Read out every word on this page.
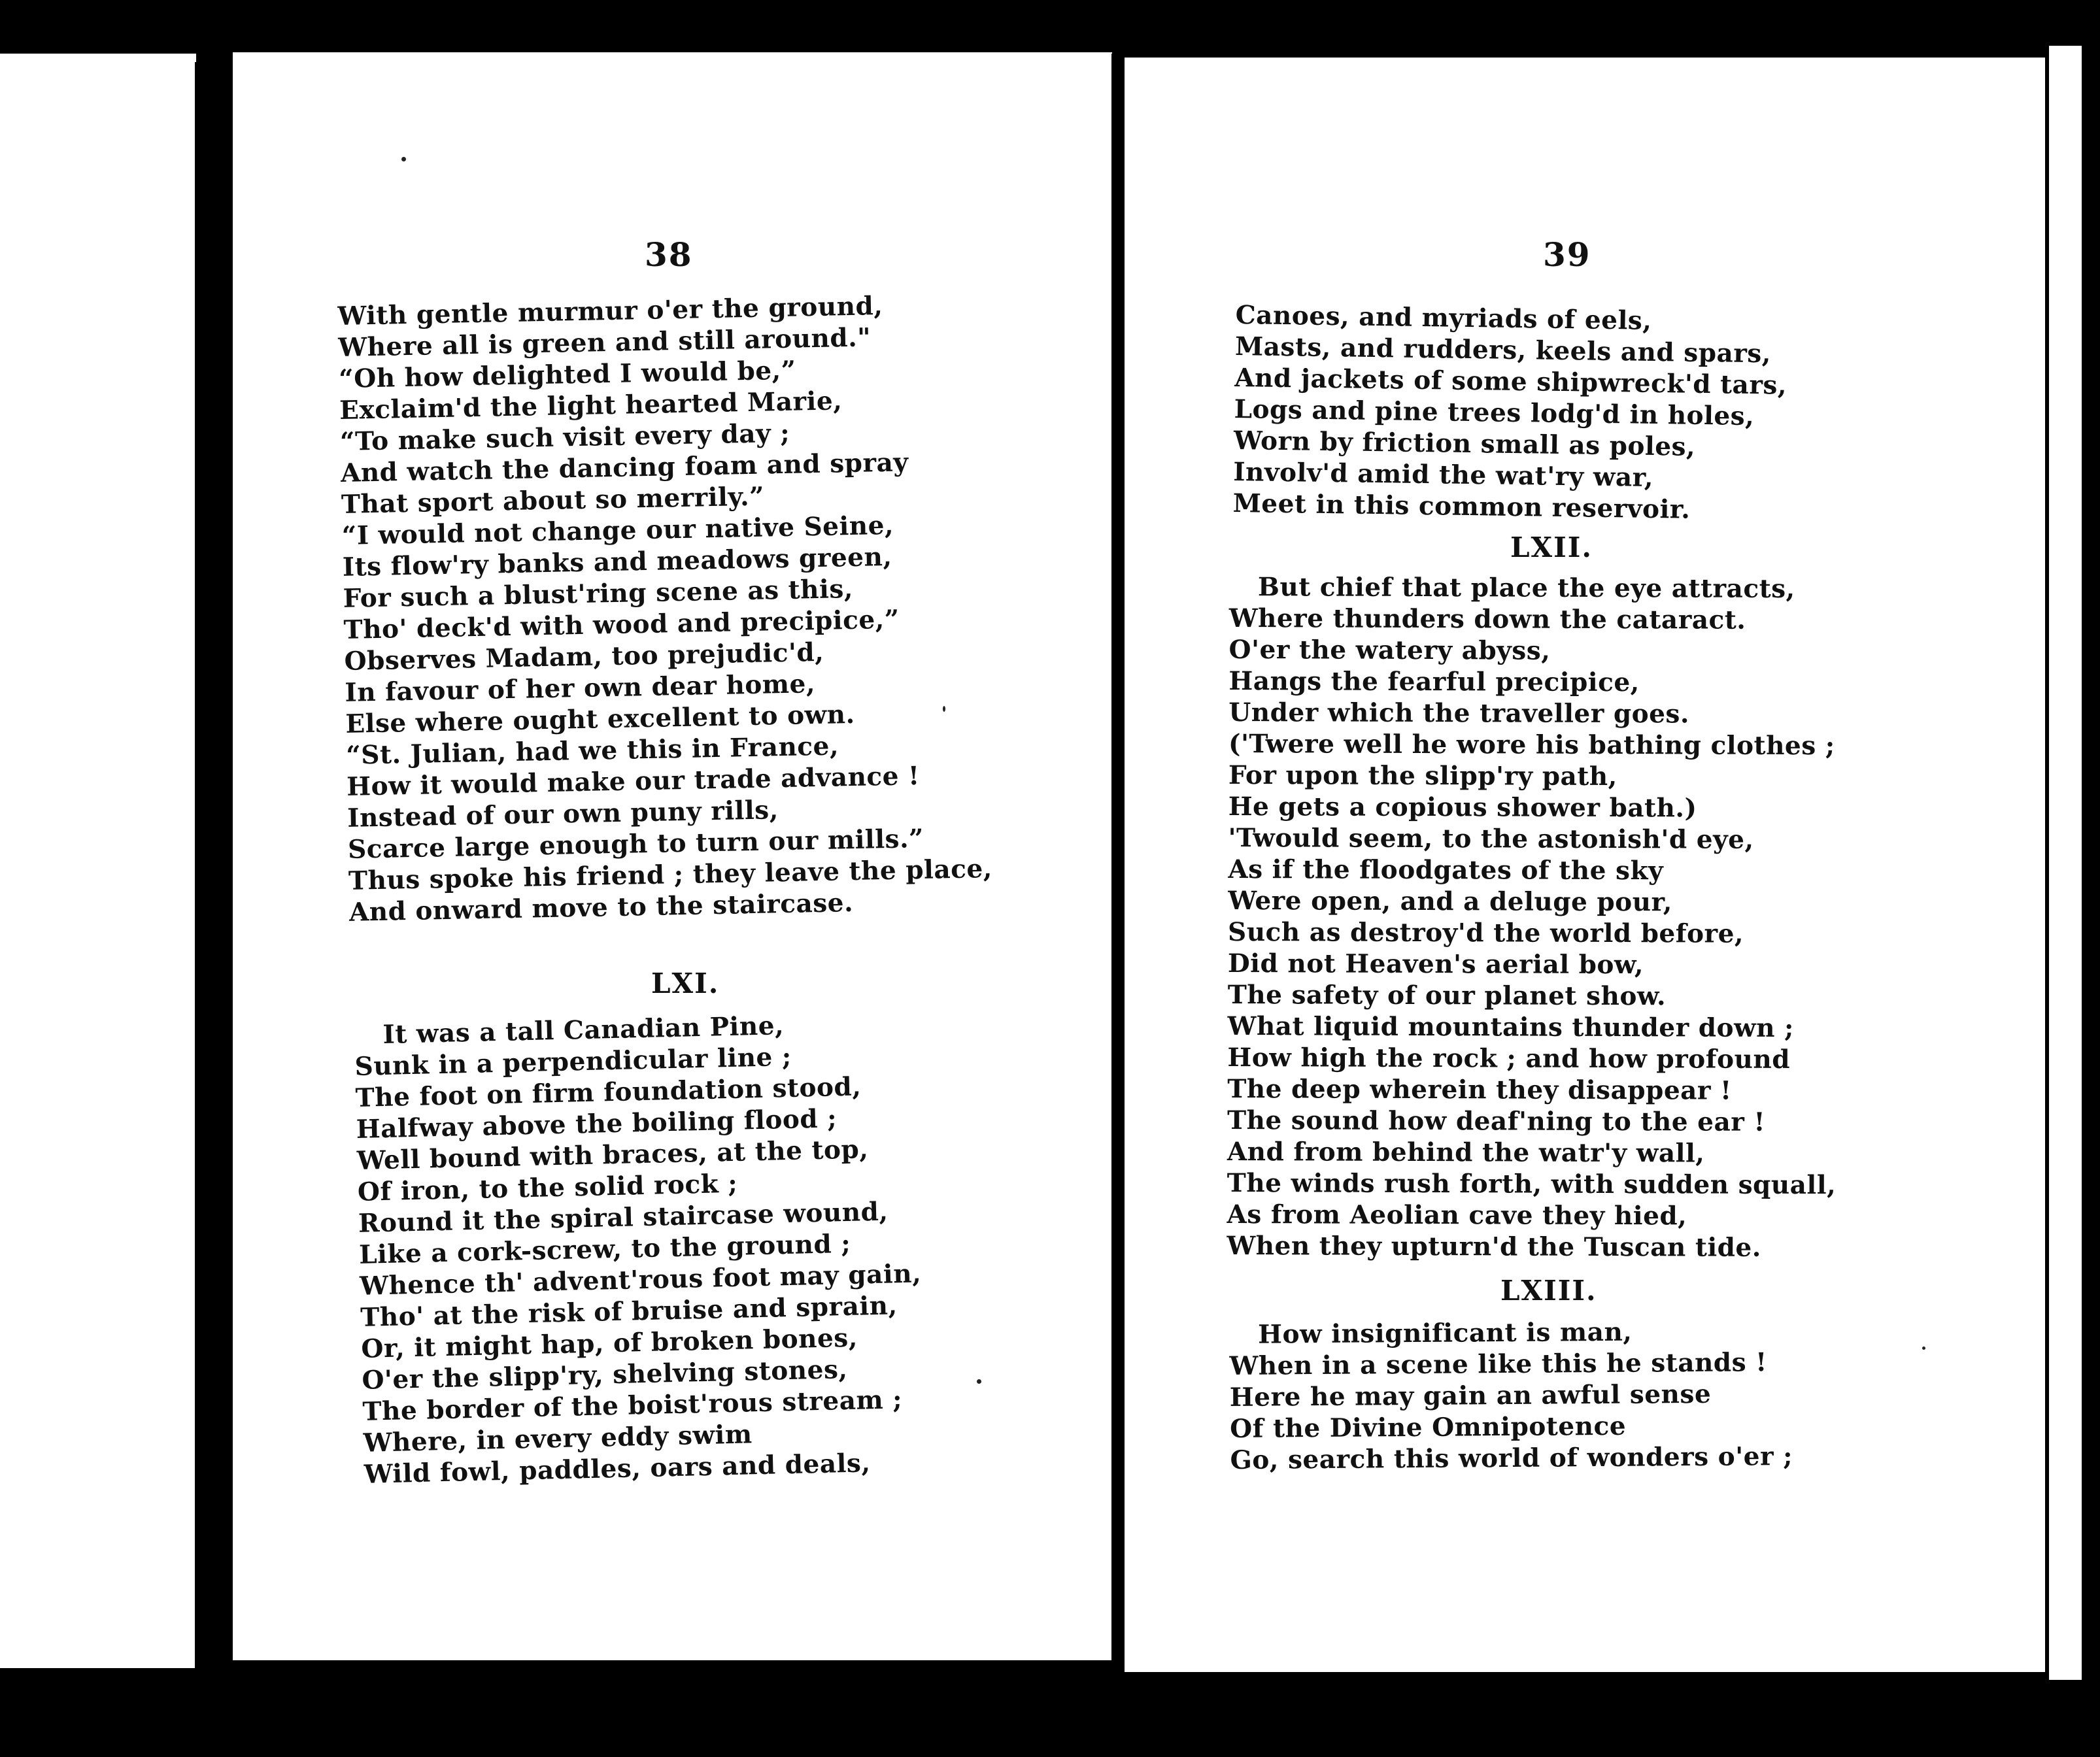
38
With gentle murmur o'er the ground,
Where all is green and still around."
“Oh how delighted I would be,”
Exclaim'd the light hearted Marie,
“To make such visit every day ;
And watch the dancing foam and spray
That sport about so merrily.”
“I would not change our native Seine,
Its flow'ry banks and meadows green,
For such a blust'ring scene as this,
Tho' deck'd with wood and precipice,”
Observes Madam, too prejudic'd,
In favour of her own dear home,
Else where ought excellent to own.
“St. Julian, had we this in France,
How it would make our trade advance !
Instead of our own puny rills,
Scarce large enough to turn our mills.”
Thus spoke his friend ; they leave the place,
And onward move to the staircase.
LXI.
It was a tall Canadian Pine,
Sunk in a perpendicular line ;
The foot on firm foundation stood,
Halfway above the boiling flood ;
Well bound with braces, at the top,
Of iron, to the solid rock ;
Round it the spiral staircase wound,
Like a cork-screw, to the ground ;
Whence th' advent'rous foot may gain,
Tho' at the risk of bruise and sprain,
Or, it might hap, of broken bones,
O'er the slipp'ry, shelving stones,
The border of the boist'rous stream ;
Where, in every eddy swim
Wild fowl, paddles, oars and deals,
39
Canoes, and myriads of eels,
Masts, and rudders, keels and spars,
And jackets of some shipwreck'd tars,
Logs and pine trees lodg'd in holes,
Worn by friction small as poles,
Involv'd amid the wat'ry war,
Meet in this common reservoir.
LXII.
But chief that place the eye attracts,
Where thunders down the cataract.
O'er the watery abyss,
Hangs the fearful precipice,
Under which the traveller goes.
('Twere well he wore his bathing clothes ;
For upon the slipp'ry path,
He gets a copious shower bath.)
'Twould seem, to the astonish'd eye,
As if the floodgates of the sky
Were open, and a deluge pour,
Such as destroy'd the world before,
Did not Heaven's aerial bow,
The safety of our planet show.
What liquid mountains thunder down ;
How high the rock ; and how profound
The deep wherein they disappear !
The sound how deaf'ning to the ear !
And from behind the watr'y wall,
The winds rush forth, with sudden squall,
As from Aeolian cave they hied,
When they upturn'd the Tuscan tide.
LXIII.
How insignificant is man,
When in a scene like this he stands !
Here he may gain an awful sense
Of the Divine Omnipotence
Go, search this world of wonders o'er ;
